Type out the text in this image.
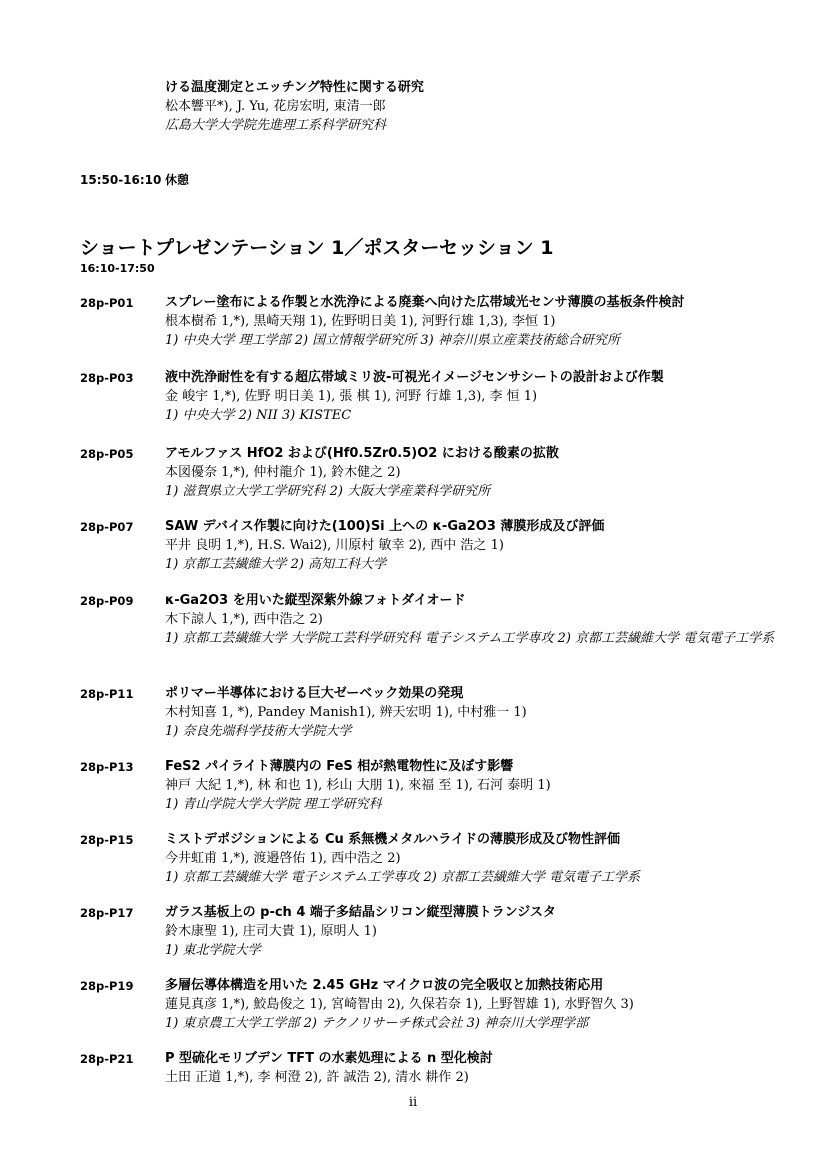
ける温度測定とエッチング特性に関する研究
松本響平*), J. Yu, 花房宏明, 東清一郎
広島大学大学院先進理工系科学研究科
15:50-16:10 休憩
ショートプレゼンテーション 1／ポスターセッション 1
16:10-17:50
28p-P01 スプレー塗布による作製と水洗浄による廃棄へ向けた広帯域光センサ薄膜の基板条件検討
根本樹希 1,*), 黒崎天翔 1), 佐野明日美 1), 河野行雄 1,3), 李恒 1)
1) 中央大学 理工学部 2) 国立情報学研究所 3) 神奈川県立産業技術総合研究所
28p-P03 液中洗浄耐性を有する超広帯域ミリ波-可視光イメージセンサシートの設計および作製
金 峻宇 1,*), 佐野 明日美 1), 張 棋 1), 河野 行雄 1,3), 李 恒 1)
1) 中央大学 2) NII 3) KISTEC
28p-P05 アモルファス HfO2 および(Hf0.5Zr0.5)O2 における酸素の拡散
本図優奈 1,*), 仲村龍介 1), 鈴木健之 2)
1) 滋賀県立大学工学研究科 2) 大阪大学産業科学研究所
28p-P07 SAW デバイス作製に向けた(100)Si 上への κ-Ga2O3 薄膜形成及び評価
平井 良明 1,*), H.S. Wai2), 川原村 敏幸 2), 西中 浩之 1)
1) 京都工芸繊維大学 2) 高知工科大学
28p-P09 κ-Ga2O3 を用いた縦型深紫外線フォトダイオード
木下諒人 1,*), 西中浩之 2)
1) 京都工芸繊維大学 大学院工芸科学研究科 電子システム工学専攻 2) 京都工芸繊維大学 電気電子工学系
28p-P11 ポリマー半導体における巨大ゼーベック効果の発現
木村知喜 1, *), Pandey Manish1), 辨天宏明 1), 中村雅一 1)
1) 奈良先端科学技術大学院大学
28p-P13 FeS2 パイライト薄膜内の FeS 相が熱電物性に及ぼす影響
神戸 大紀 1,*), 林 和也 1), 杉山 大朋 1), 來福 至 1), 石河 泰明 1)
1) 青山学院大学大学院 理工学研究科
28p-P15 ミストデポジションによる Cu 系無機メタルハライドの薄膜形成及び物性評価
今井虹甫 1,*), 渡邉啓佑 1), 西中浩之 2)
1) 京都工芸繊維大学 電子システム工学専攻 2) 京都工芸繊維大学 電気電子工学系
28p-P17 ガラス基板上の p-ch 4 端子多結晶シリコン縦型薄膜トランジスタ
鈴木康聖 1), 庄司大貴 1), 原明人 1)
1) 東北学院大学
28p-P19 多層伝導体構造を用いた 2.45 GHz マイクロ波の完全吸収と加熱技術応用
蓮見真彦 1,*), 鮫島俊之 1), 宮崎智由 2), 久保若奈 1), 上野智雄 1), 水野智久 3)
1) 東京農工大学工学部 2) テクノリサーチ株式会社 3) 神奈川大学理学部
28p-P21 P 型硫化モリブデン TFT の水素処理による n 型化検討
土田 正道 1,*), 李 柯澄 2), 許 誠浩 2), 清水 耕作 2)
ii
